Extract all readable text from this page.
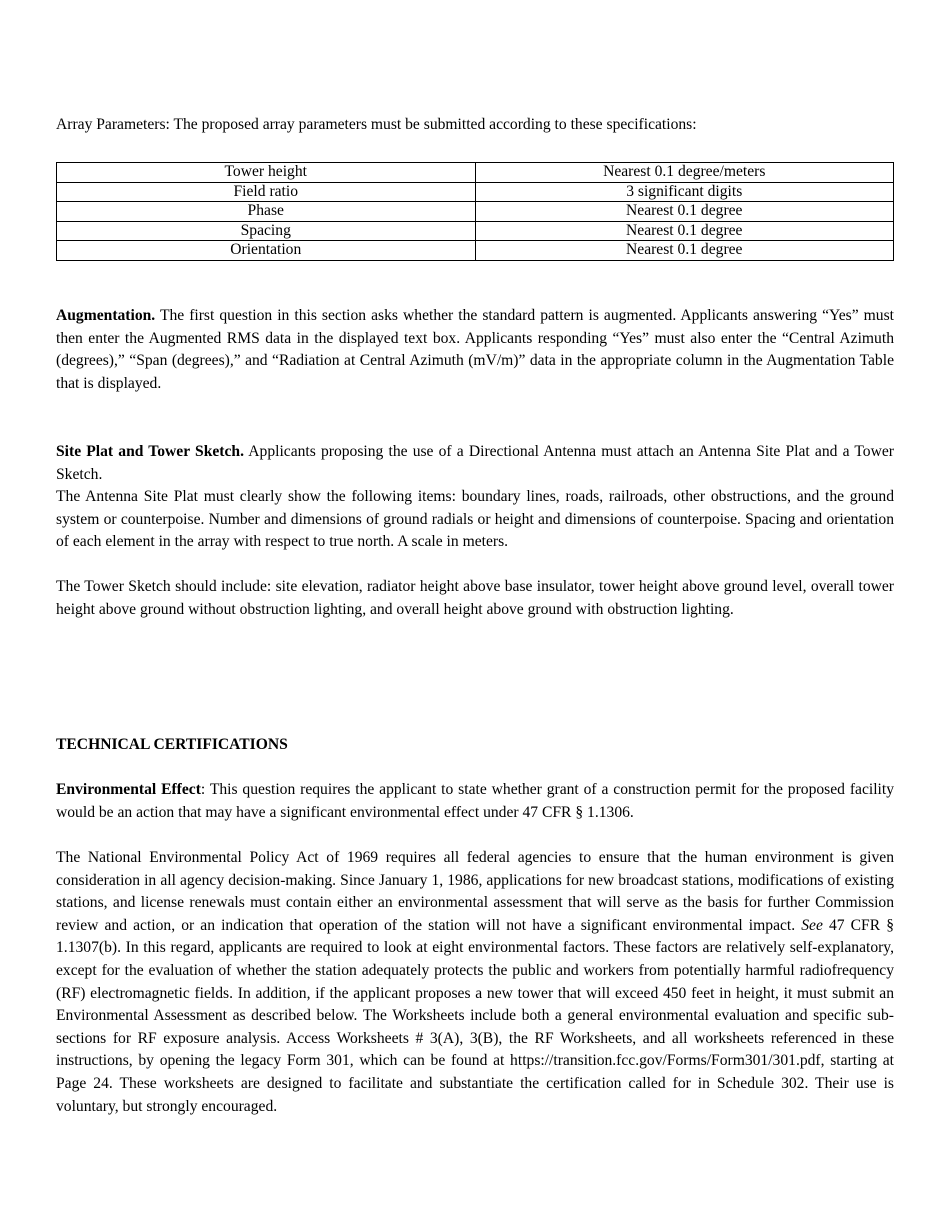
Array Parameters: The proposed array parameters must be submitted according to these specifications:

Tower height	Nearest 0.1 degree/meters
Field ratio	3 significant digits
Phase	Nearest 0.1 degree
Spacing	Nearest 0.1 degree
Orientation	Nearest 0.1 degree

Augmentation. The first question in this section asks whether the standard pattern is augmented. Applicants answering “Yes” must then enter the Augmented RMS data in the displayed text box. Applicants responding “Yes” must also enter the “Central Azimuth (degrees),” “Span (degrees),” and “Radiation at Central Azimuth (mV/m)” data in the appropriate column in the Augmentation Table that is displayed.

Site Plat and Tower Sketch. Applicants proposing the use of a Directional Antenna must attach an Antenna Site Plat and a Tower Sketch.

The Antenna Site Plat must clearly show the following items: boundary lines, roads, railroads, other obstructions, and the ground system or counterpoise. Number and dimensions of ground radials or height and dimensions of counterpoise. Spacing and orientation of each element in the array with respect to true north. A scale in meters.

The Tower Sketch should include: site elevation, radiator height above base insulator, tower height above ground level, overall tower height above ground without obstruction lighting, and overall height above ground with obstruction lighting.

TECHNICAL CERTIFICATIONS

Environmental Effect: This question requires the applicant to state whether grant of a construction permit for the proposed facility would be an action that may have a significant environmental effect under 47 CFR § 1.1306.

The National Environmental Policy Act of 1969 requires all federal agencies to ensure that the human environment is given consideration in all agency decision-making. Since January 1, 1986, applications for new broadcast stations, modifications of existing stations, and license renewals must contain either an environmental assessment that will serve as the basis for further Commission review and action, or an indication that operation of the station will not have a significant environmental impact. See 47 CFR § 1.1307(b). In this regard, applicants are required to look at eight environmental factors. These factors are relatively self-explanatory, except for the evaluation of whether the station adequately protects the public and workers from potentially harmful radiofrequency (RF) electromagnetic fields. In addition, if the applicant proposes a new tower that will exceed 450 feet in height, it must submit an Environmental Assessment as described below. The Worksheets include both a general environmental evaluation and specific sub-sections for RF exposure analysis. Access Worksheets # 3(A), 3(B), the RF Worksheets, and all worksheets referenced in these instructions, by opening the legacy Form 301, which can be found at https://transition.fcc.gov/Forms/Form301/301.pdf, starting at Page 24. These worksheets are designed to facilitate and substantiate the certification called for in Schedule 302. Their use is voluntary, but strongly encouraged.
